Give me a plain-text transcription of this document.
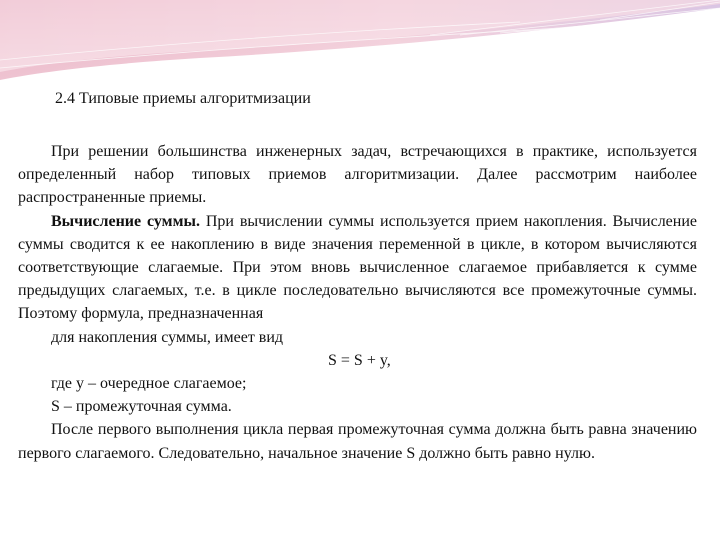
2.4 Типовые приемы алгоритмизации

При решении большинства инженерных задач, встречающихся в практике, используется определенный набор типовых приемов алгоритмизации. Далее рассмотрим наиболее распространенные приемы.

Вычисление суммы. При вычислении суммы используется прием накопления. Вычисление суммы сводится к ее накоплению в виде значения переменной в цикле, в котором вычисляются соответствующие слагаемые. При этом вновь вычисленное слагаемое прибавляется к сумме предыдущих слагаемых, т.е. в цикле последовательно вычисляются все промежуточные суммы. Поэтому формула, предназначенная

для накопления суммы, имеет вид

S = S + y,

где y – очередное слагаемое;

S – промежуточная сумма.

После первого выполнения цикла первая промежуточная сумма должна быть равна значению первого слагаемого. Следовательно, начальное значение S должно быть равно нулю.
